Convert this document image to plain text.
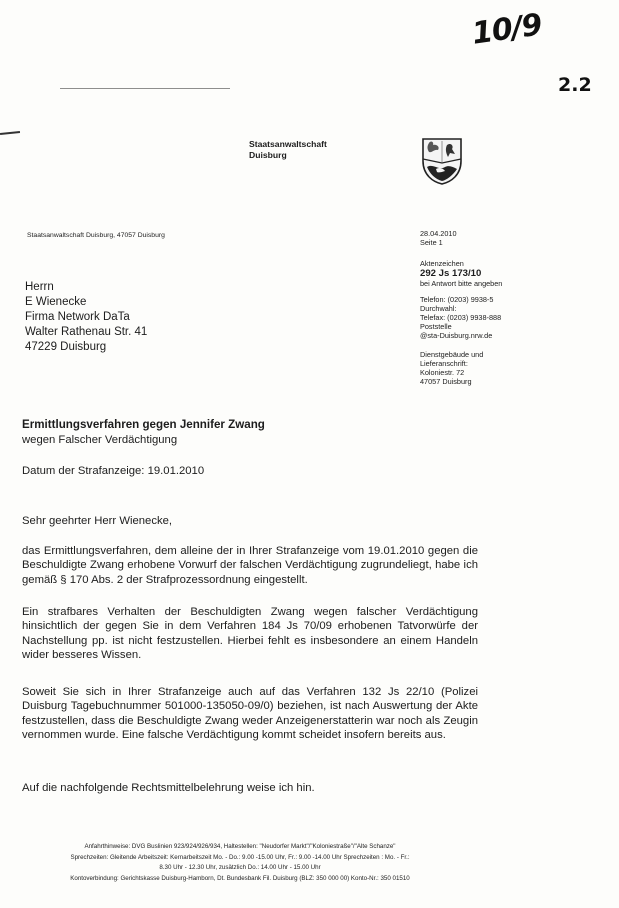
10/9
2.2
Staatsanwaltschaft
Duisburg
Staatsanwaltschaft Duisburg, 47057 Duisburg
Herrn
E Wienecke
Firma Network DaTa
Walter Rathenau Str. 41
47229 Duisburg
28.04.2010
Seite 1
Aktenzeichen
292 Js 173/10
bei Antwort bitte angeben
Telefon: (0203) 9938-5
Durchwahl:
Telefax: (0203) 9938-888
Poststelle
@sta-Duisburg.nrw.de
Dienstgebäude und
Lieferanschrift:
Koloniestr. 72
47057 Duisburg
Ermittlungsverfahren gegen Jennifer Zwang
wegen Falscher Verdächtigung
Datum der Strafanzeige: 19.01.2010
Sehr geehrter Herr Wienecke,
das Ermittlungsverfahren, dem alleine der in Ihrer Strafanzeige vom 19.01.2010 gegen die Beschuldigte Zwang erhobene Vorwurf der falschen Verdächtigung zugrundeliegt, habe ich gemäß § 170 Abs. 2 der Strafprozessordnung eingestellt.
Ein strafbares Verhalten der Beschuldigten Zwang wegen falscher Verdächtigung hinsichtlich der gegen Sie in dem Verfahren 184 Js 70/09 erhobenen Tatvorwürfe der Nachstellung pp. ist nicht festzustellen. Hierbei fehlt es insbesondere an einem Handeln wider besseres Wissen.
Soweit Sie sich in Ihrer Strafanzeige auch auf das Verfahren 132 Js 22/10 (Polizei Duisburg Tagebuchnummer 501000-135050-09/0) beziehen, ist nach Auswertung der Akte festzustellen, dass die Beschuldigte Zwang weder Anzeigenerstatterin war noch als Zeugin vernommen wurde. Eine falsche Verdächtigung kommt scheidet insofern bereits aus.
Auf die nachfolgende Rechtsmittelbelehrung weise ich hin.
Anfahrthinweise: DVG Buslinien 923/924/926/934, Haltestellen: "Neudorfer Markt"/"Koloniestraße"/"Alte Schanze"
Sprechzeiten: Gleitende Arbeitszeit: Kernarbeitszeit Mo. - Do.: 9.00 -15.00 Uhr, Fr.: 9.00 -14.00 Uhr Sprechzeiten : Mo. - Fr.:
8.30 Uhr - 12.30 Uhr, zusätzlich Do.: 14.00 Uhr - 15.00 Uhr
Kontoverbindung: Gerichtskasse Duisburg-Hamborn, Dt. Bundesbank Fil. Duisburg (BLZ: 350 000 00) Konto-Nr.: 350 01510
